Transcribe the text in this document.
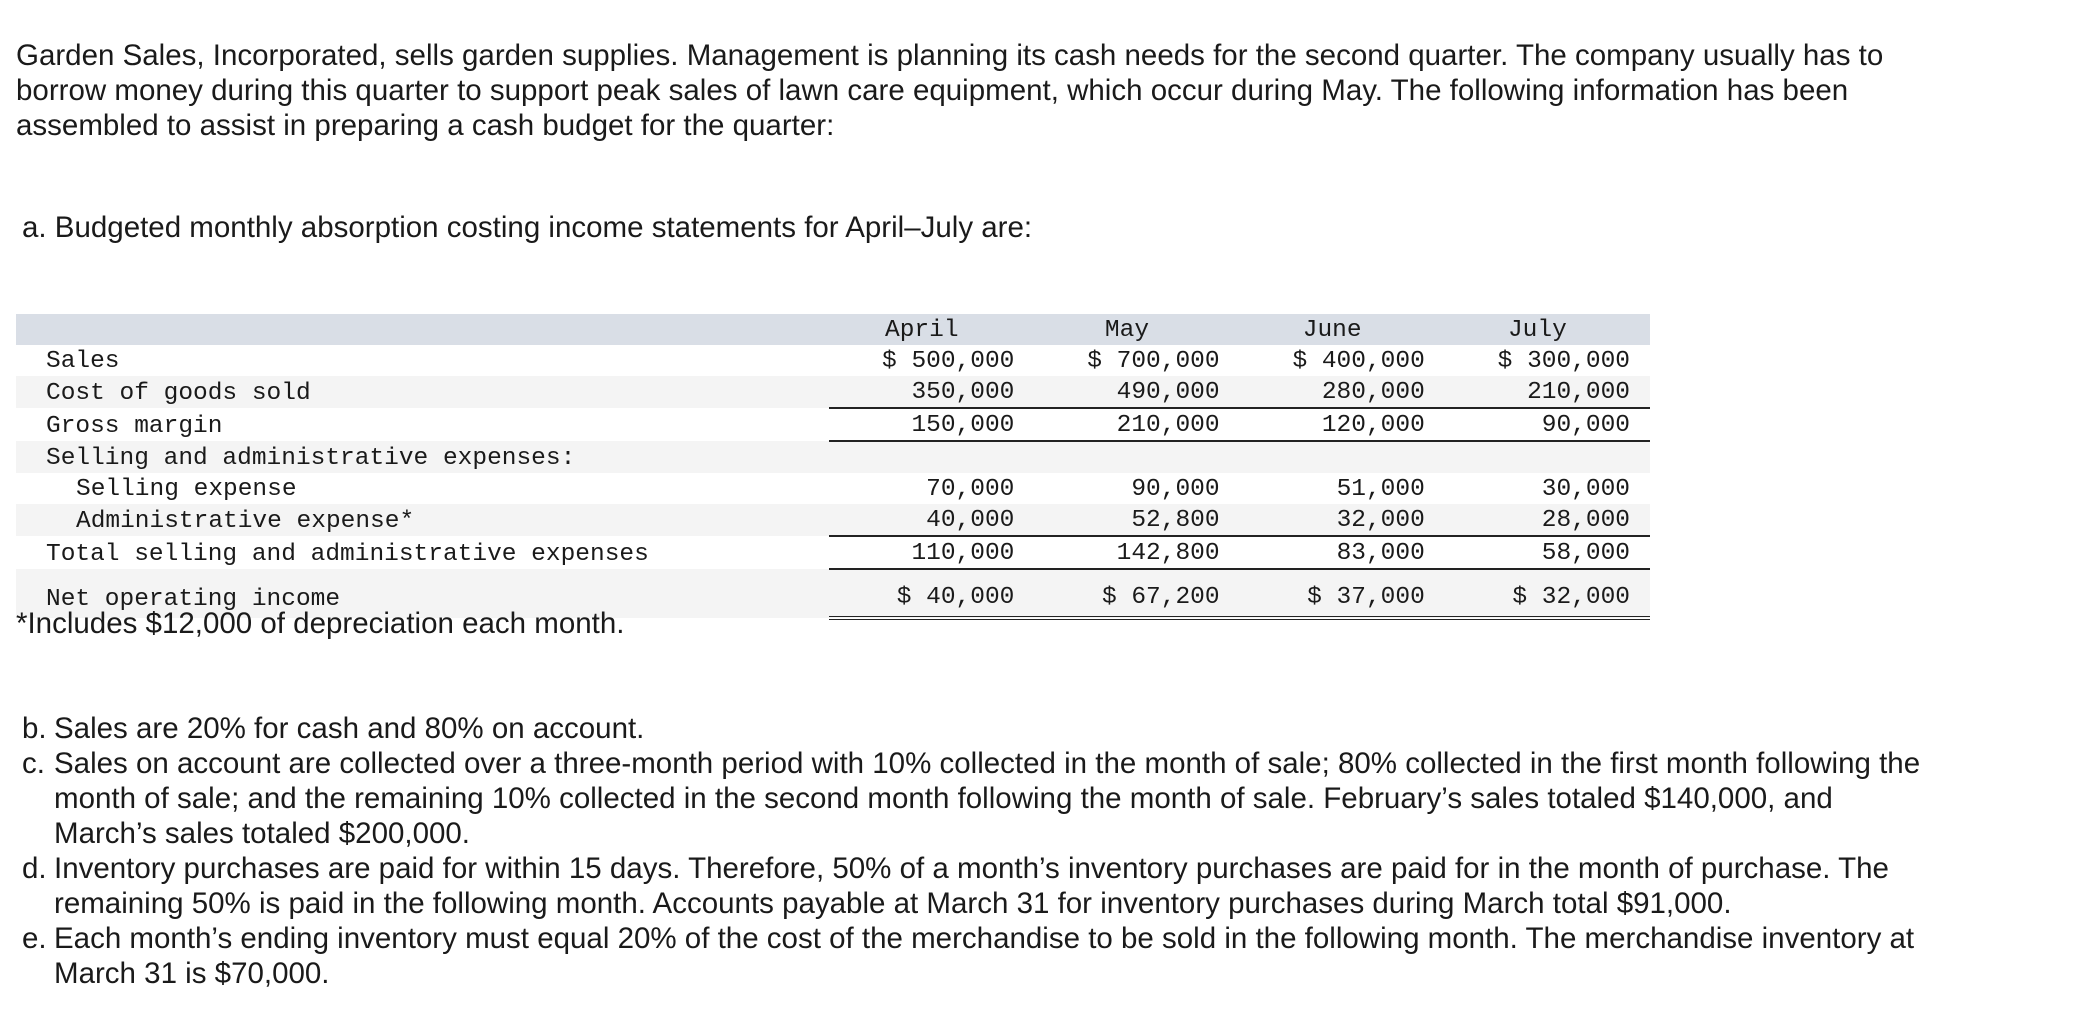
Garden Sales, Incorporated, sells garden supplies. Management is planning its cash needs for the second quarter. The company usually has to borrow money during this quarter to support peak sales of lawn care equipment, which occur during May. The following information has been assembled to assist in preparing a cash budget for the quarter:

a. Budgeted monthly absorption costing income statements for April–July are:

	April	May	June	July
Sales	$ 500,000	$ 700,000	$ 400,000	$ 300,000
Cost of goods sold	350,000	490,000	280,000	210,000
Gross margin	150,000	210,000	120,000	90,000
Selling and administrative expenses:				
Selling expense	70,000	90,000	51,000	30,000
Administrative expense*	40,000	52,800	32,000	28,000
Total selling and administrative expenses	110,000	142,800	83,000	58,000
Net operating income	$ 40,000	$ 67,200	$ 37,000	$ 32,000

*Includes $12,000 of depreciation each month.

b. Sales are 20% for cash and 80% on account.
c. Sales on account are collected over a three-month period with 10% collected in the month of sale; 80% collected in the first month following the month of sale; and the remaining 10% collected in the second month following the month of sale. February’s sales totaled $140,000, and March’s sales totaled $200,000.
d. Inventory purchases are paid for within 15 days. Therefore, 50% of a month’s inventory purchases are paid for in the month of purchase. The remaining 50% is paid in the following month. Accounts payable at March 31 for inventory purchases during March total $91,000.
e. Each month’s ending inventory must equal 20% of the cost of the merchandise to be sold in the following month. The merchandise inventory at March 31 is $70,000.
